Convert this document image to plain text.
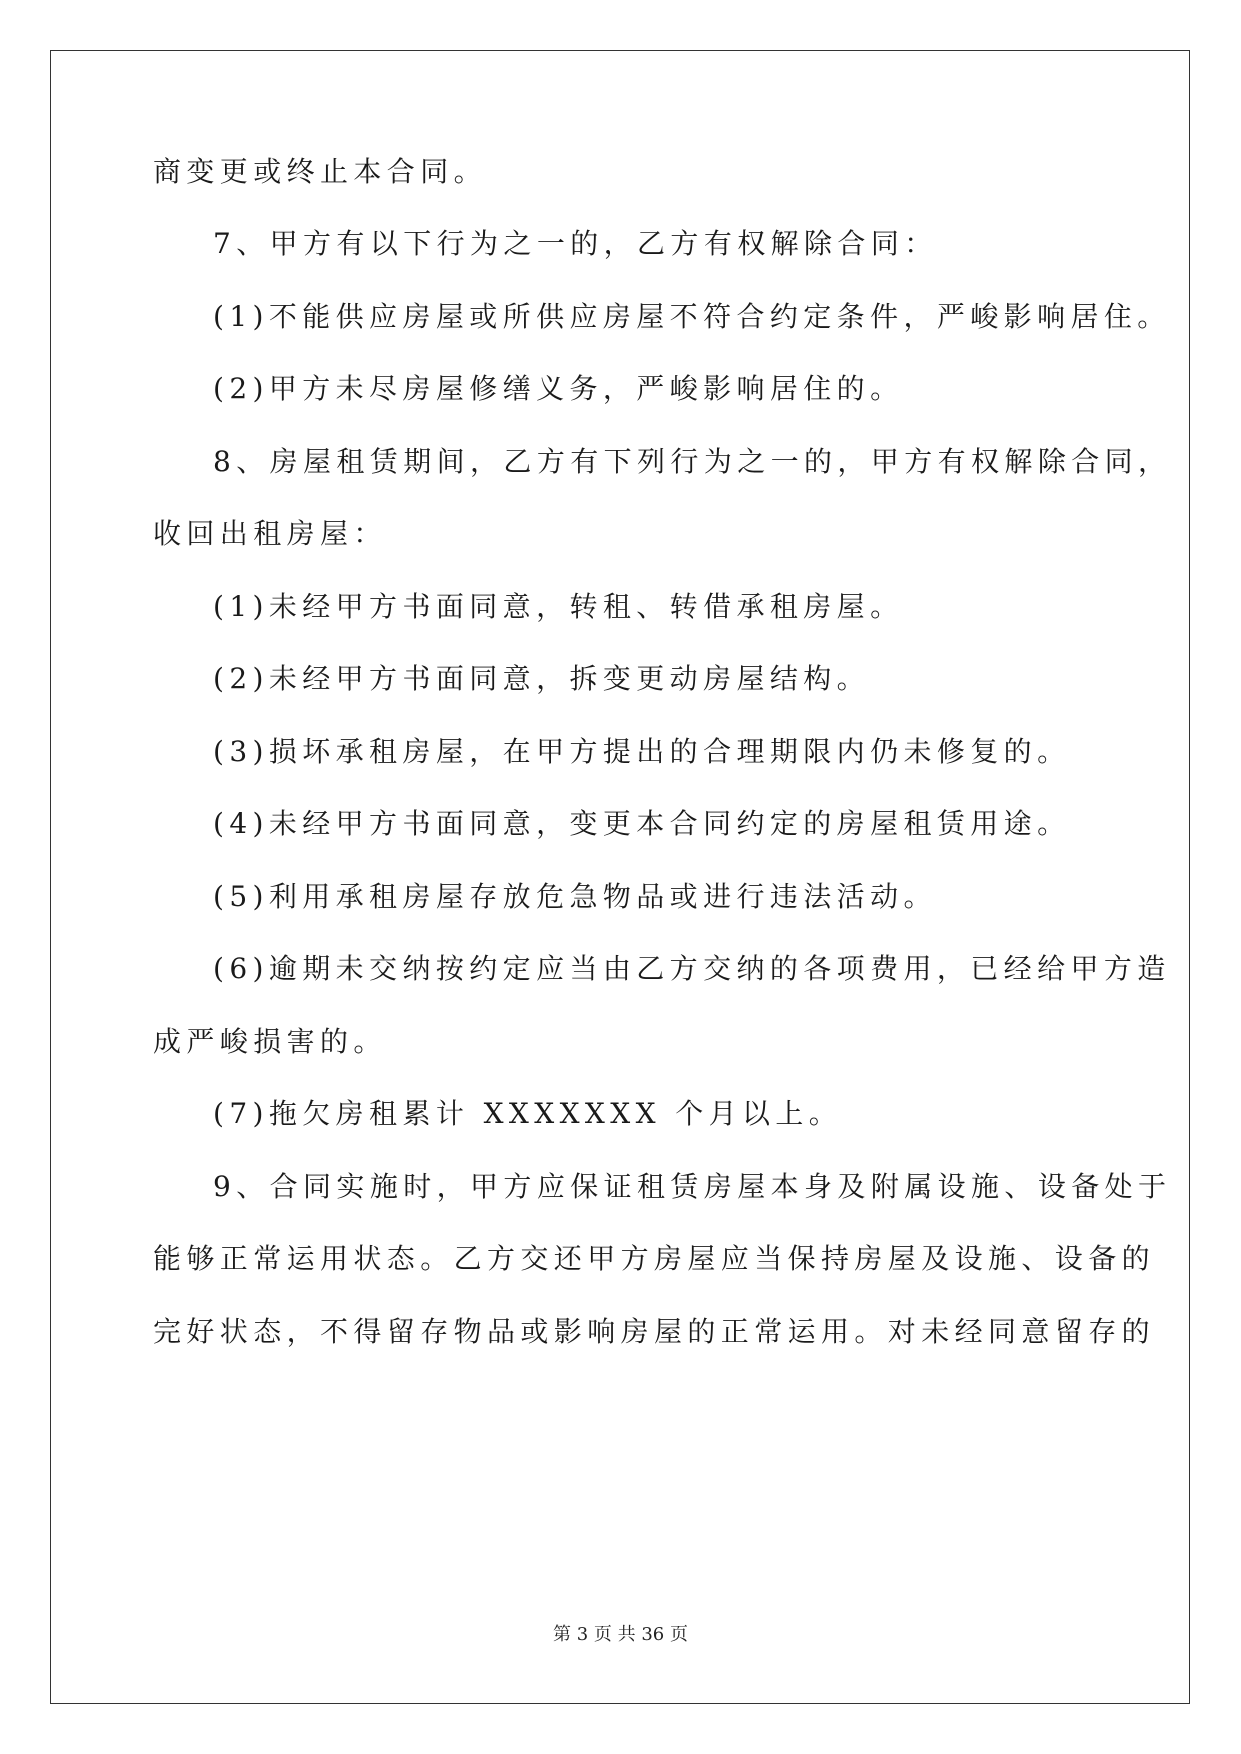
商变更或终止本合同。
7、甲方有以下行为之一的，乙方有权解除合同：
(1)不能供应房屋或所供应房屋不符合约定条件，严峻影响居住。
(2)甲方未尽房屋修缮义务，严峻影响居住的。
8、房屋租赁期间，乙方有下列行为之一的，甲方有权解除合同，
收回出租房屋：
(1)未经甲方书面同意，转租、转借承租房屋。
(2)未经甲方书面同意，拆变更动房屋结构。
(3)损坏承租房屋，在甲方提出的合理期限内仍未修复的。
(4)未经甲方书面同意，变更本合同约定的房屋租赁用途。
(5)利用承租房屋存放危急物品或进行违法活动。
(6)逾期未交纳按约定应当由乙方交纳的各项费用，已经给甲方造
成严峻损害的。
(7)拖欠房租累计 XXXXXXX 个月以上。
9、合同实施时，甲方应保证租赁房屋本身及附属设施、设备处于
能够正常运用状态。乙方交还甲方房屋应当保持房屋及设施、设备的
完好状态，不得留存物品或影响房屋的正常运用。对未经同意留存的
第 3 页 共 36 页
